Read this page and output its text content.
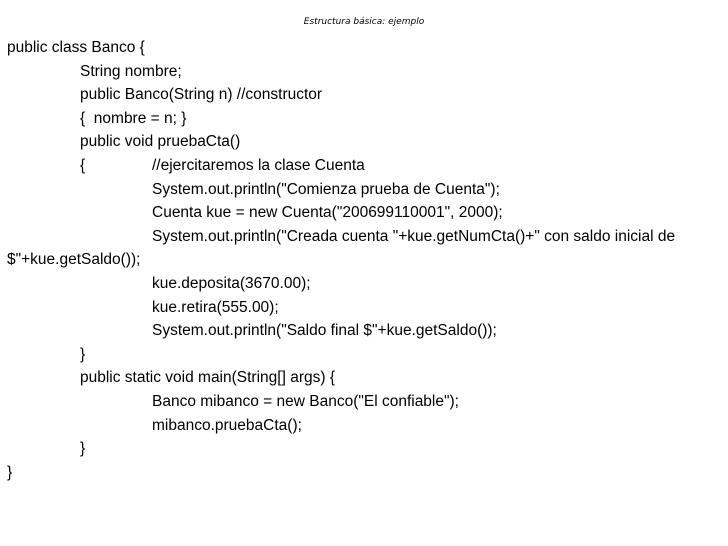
Estructura básica: ejemplo
public class Banco {
String nombre;
public Banco(String n) //constructor
{  nombre = n; }
public void pruebaCta()
{	//ejercitaremos la clase Cuenta
System.out.println("Comienza prueba de Cuenta");
Cuenta kue = new Cuenta("200699110001", 2000);
System.out.println("Creada cuenta "+kue.getNumCta()+" con saldo inicial de $"+kue.getSaldo());
kue.deposita(3670.00);
kue.retira(555.00);
System.out.println("Saldo final $"+kue.getSaldo());
}
public static void main(String[] args) {
Banco mibanco = new Banco("El confiable");
mibanco.pruebaCta();
}
}
